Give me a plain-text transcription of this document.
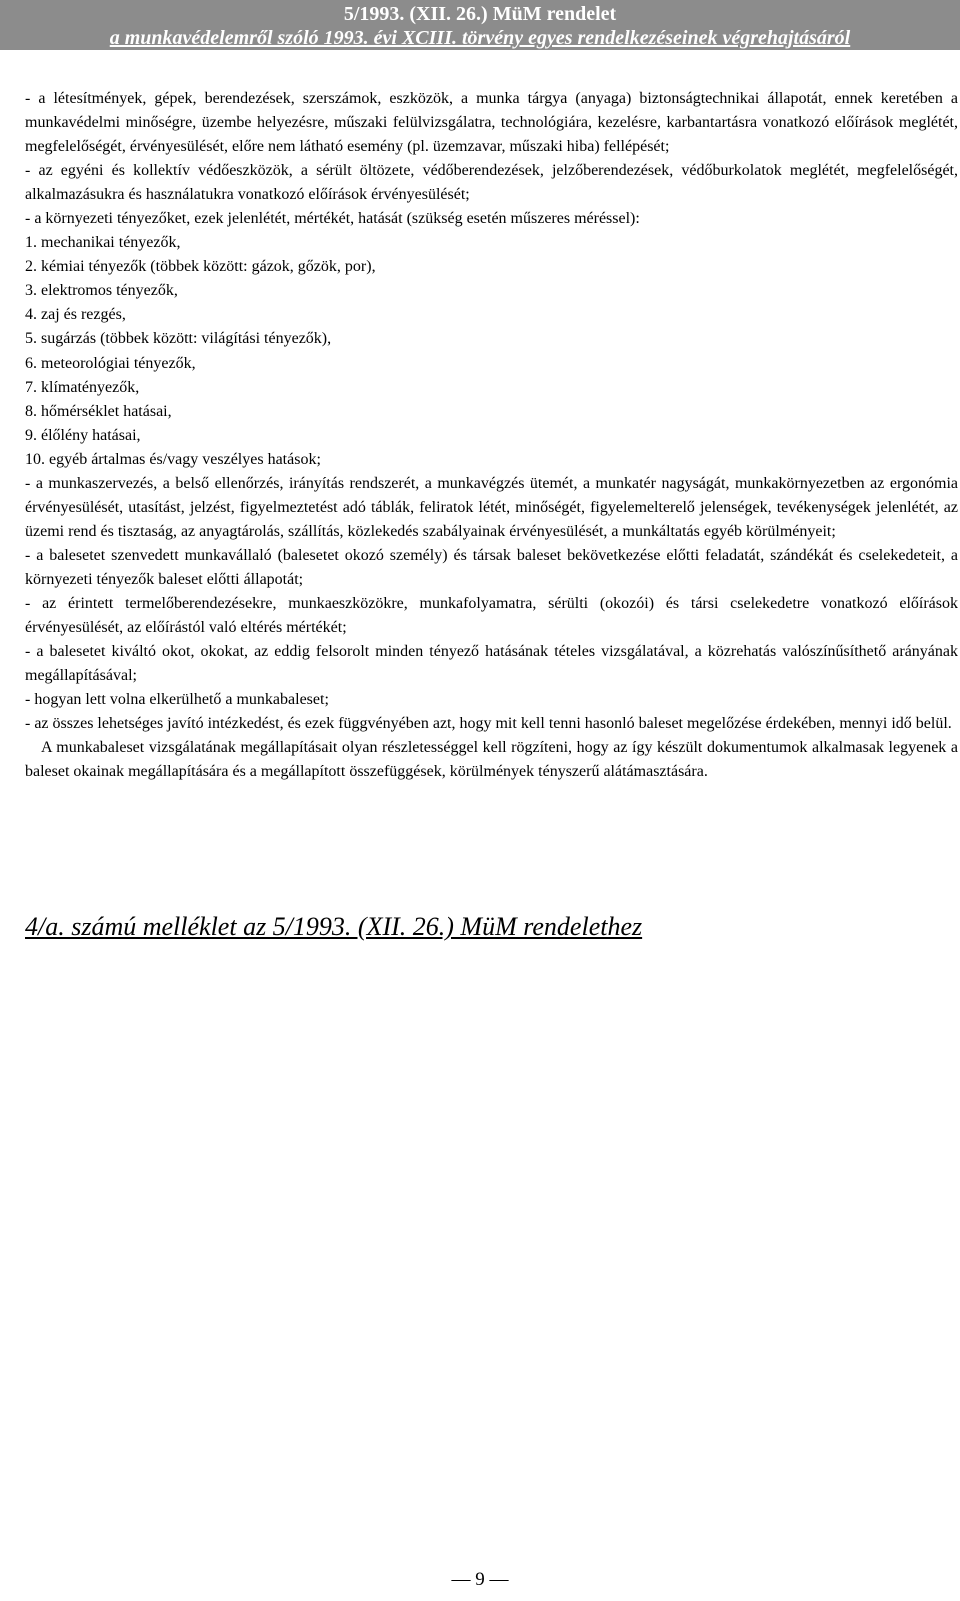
5/1993. (XII. 26.) MüM rendelet
a munkavédelemről szóló 1993. évi XCIII. törvény egyes rendelkezéseinek végrehajtásáról

- a létesítmények, gépek, berendezések, szerszámok, eszközök, a munka tárgya (anyaga) biztonságtechnikai állapotát, ennek keretében a munkavédelmi minőségre, üzembe helyezésre, műszaki felülvizsgálatra, technológiára, kezelésre, karbantartásra vonatkozó előírások meglétét, megfelelőségét, érvényesülését, előre nem látható esemény (pl. üzemzavar, műszaki hiba) fellépését;

- az egyéni és kollektív védőeszközök, a sérült öltözete, védőberendezések, jelzőberendezések, védőburkolatok meglétét, megfelelőségét, alkalmazásukra és használatukra vonatkozó előírások érvényesülését;

- a környezeti tényezőket, ezek jelenlétét, mértékét, hatását (szükség esetén műszeres méréssel):

1. mechanikai tényezők,

2. kémiai tényezők (többek között: gázok, gőzök, por),

3. elektromos tényezők,

4. zaj és rezgés,

5. sugárzás (többek között: világítási tényezők),

6. meteorológiai tényezők,

7. klímatényezők,

8. hőmérséklet hatásai,

9. élőlény hatásai,

10. egyéb ártalmas és/vagy veszélyes hatások;

- a munkaszervezés, a belső ellenőrzés, irányítás rendszerét, a munkavégzés ütemét, a munkatér nagyságát, munkakörnyezetben az ergonómia érvényesülését, utasítást, jelzést, figyelmeztetést adó táblák, feliratok létét, minőségét, figyelemelterelő jelenségek, tevékenységek jelenlétét, az üzemi rend és tisztaság, az anyagtárolás, szállítás, közlekedés szabályainak érvényesülését, a munkáltatás egyéb körülményeit;

- a balesetet szenvedett munkavállaló (balesetet okozó személy) és társak baleset bekövetkezése előtti feladatát, szándékát és cselekedeteit, a környezeti tényezők baleset előtti állapotát;

- az érintett termelőberendezésekre, munkaeszközökre, munkafolyamatra, sérülti (okozói) és társi cselekedetre vonatkozó előírások érvényesülését, az előírástól való eltérés mértékét;

- a balesetet kiváltó okot, okokat, az eddig felsorolt minden tényező hatásának tételes vizsgálatával, a közrehatás valószínűsíthető arányának megállapításával;

- hogyan lett volna elkerülhető a munkabaleset;

- az összes lehetséges javító intézkedést, és ezek függvényében azt, hogy mit kell tenni hasonló baleset megelőzése érdekében, mennyi idő belül.

A munkabaleset vizsgálatának megállapításait olyan részletességgel kell rögzíteni, hogy az így készült dokumentumok alkalmasak legyenek a baleset okainak megállapítására és a megállapított összefüggések, körülmények tényszerű alátámasztására.

4/a. számú melléklet az 5/1993. (XII. 26.) MüM rendelethez
— 9 —
